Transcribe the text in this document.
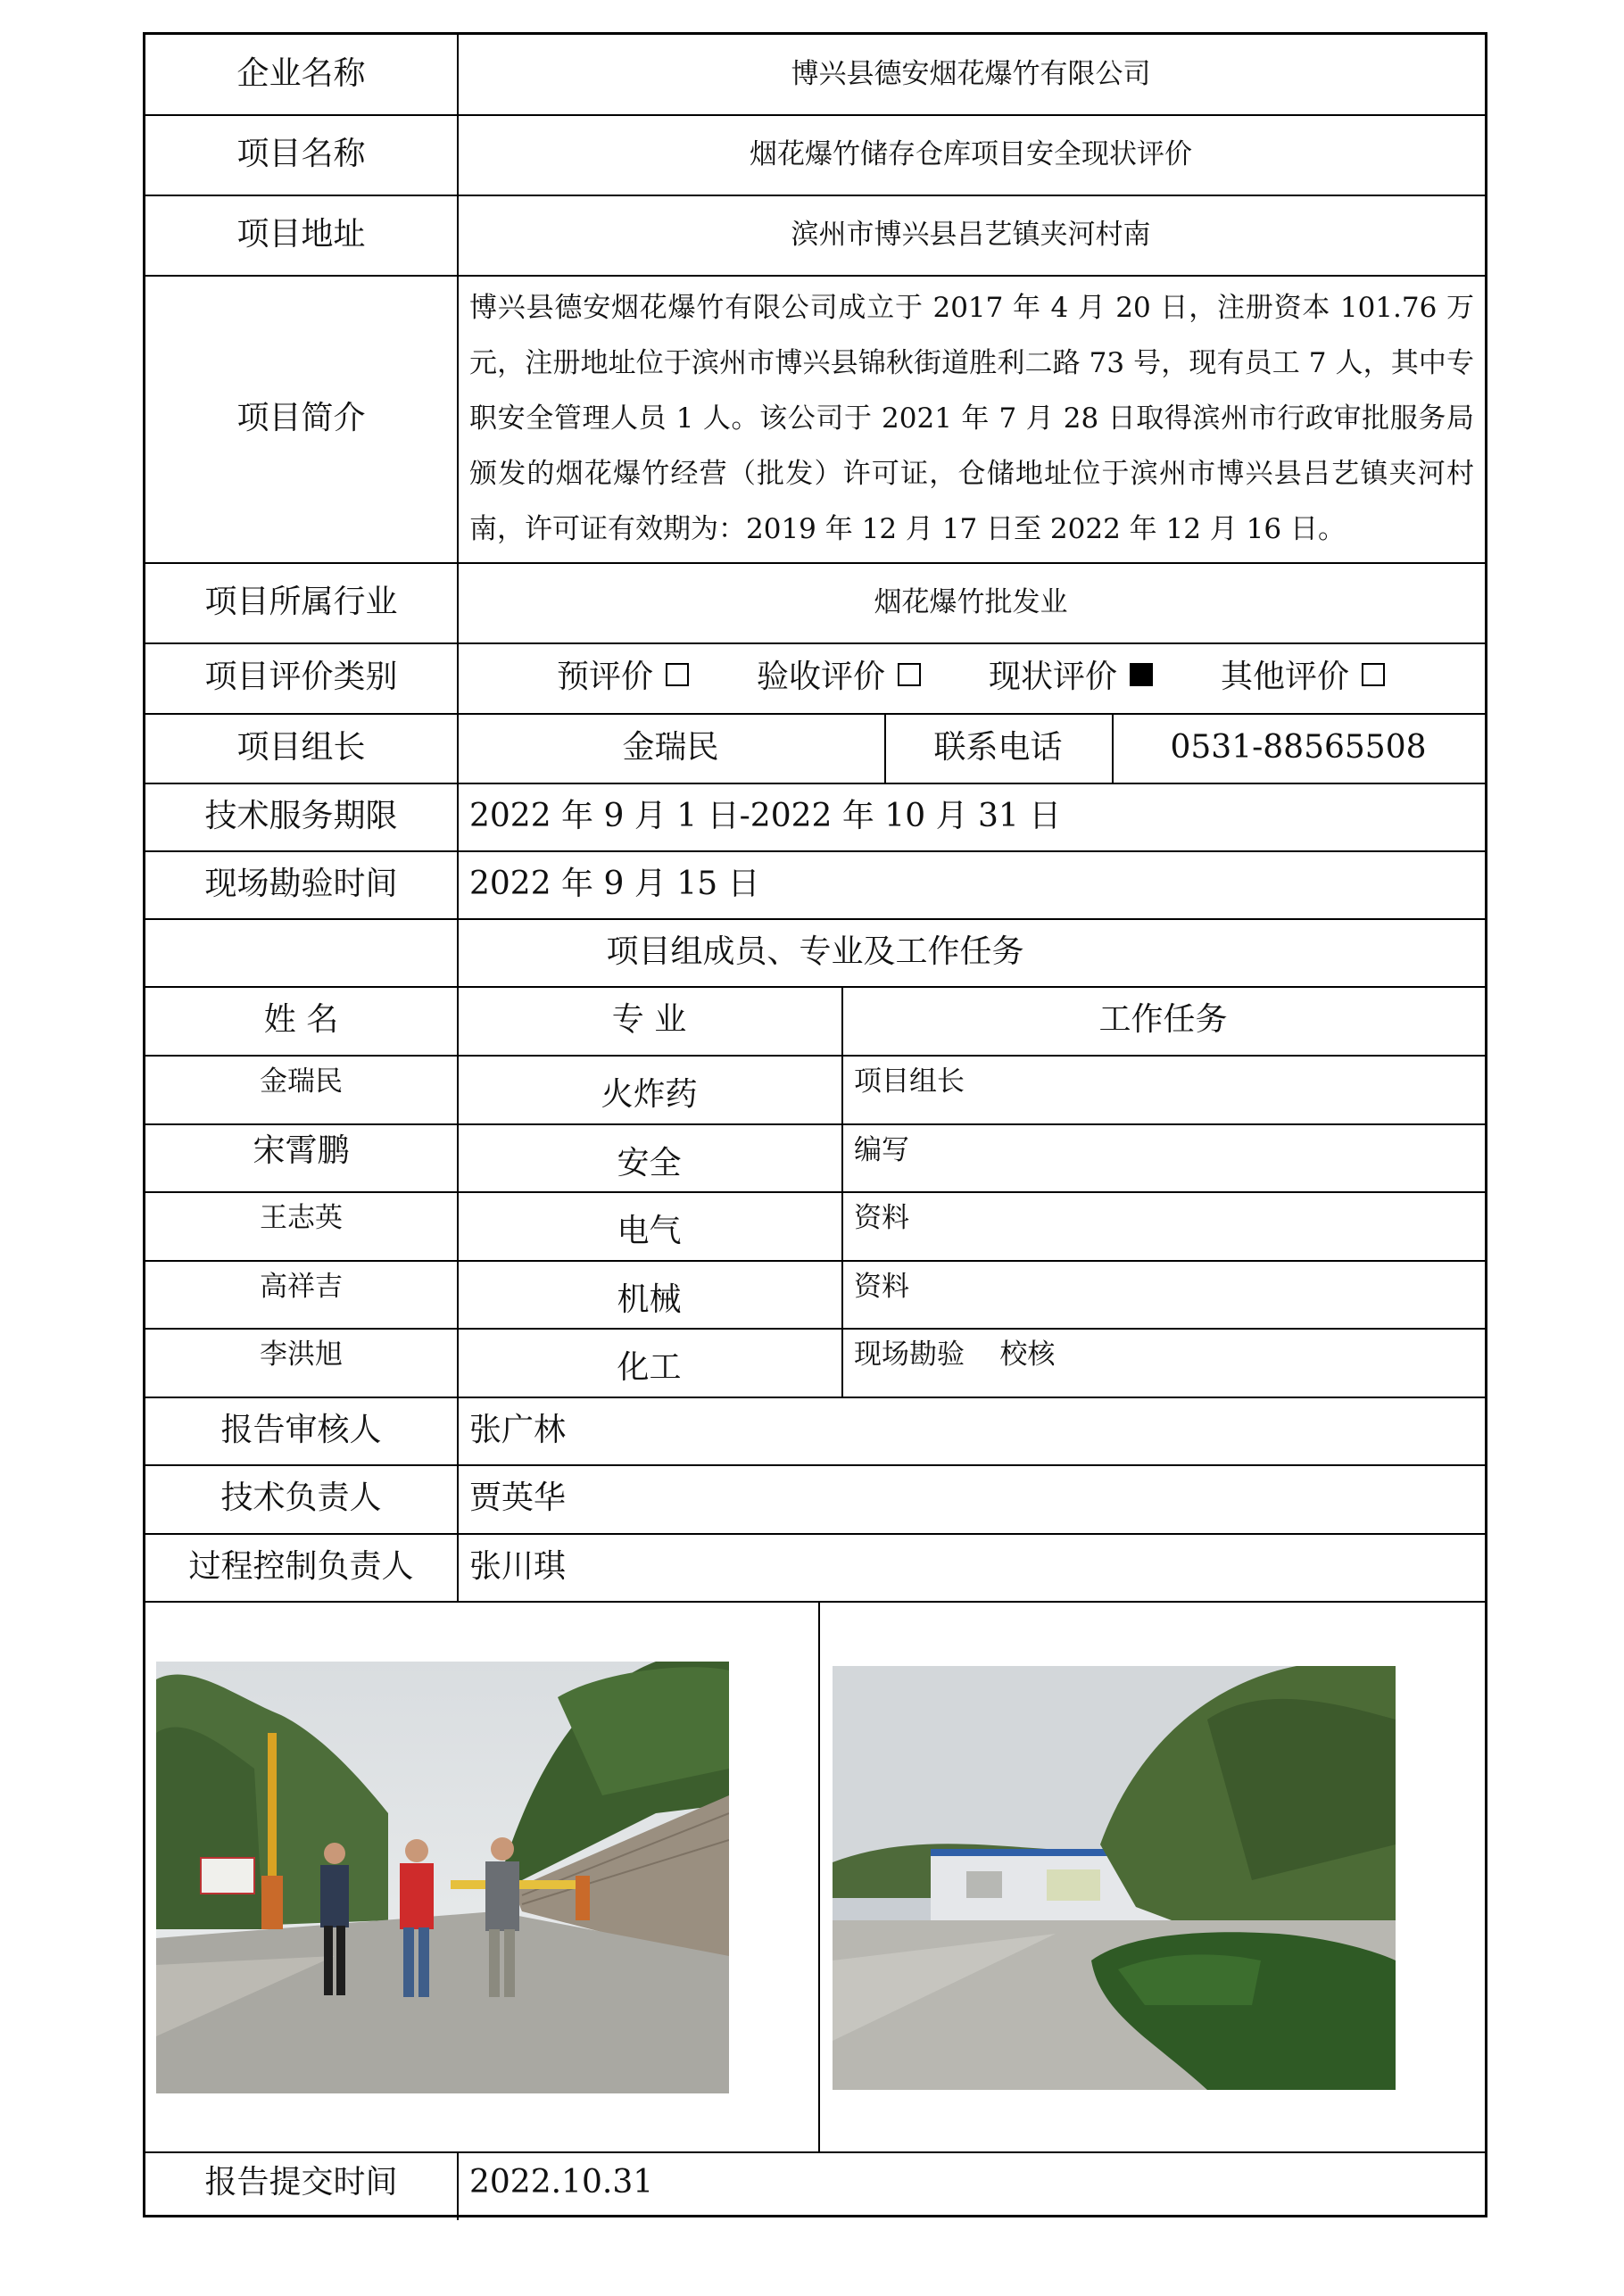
企业名称	博兴县德安烟花爆竹有限公司
项目名称	烟花爆竹储存仓库项目安全现状评价
项目地址	滨州市博兴县吕艺镇夹河村南
项目简介
博兴县德安烟花爆竹有限公司成立于 2017 年 4 月 20 日，注册资本 101.76 万元，注册地址位于滨州市博兴县锦秋街道胜利二路 73 号，现有员工 7 人，其中专职安全管理人员 1 人。该公司于 2021 年 7 月 28 日取得滨州市行政审批服务局颁发的烟花爆竹经营（批发）许可证，仓储地址位于滨州市博兴县吕艺镇夹河村南，许可证有效期为：2019 年 12 月 17 日至 2022 年 12 月 16 日。
项目所属行业	烟花爆竹批发业
项目评价类别	预评价	验收评价	现状评价	其他评价
项目组长	金瑞民	联系电话	0531-88565508
技术服务期限	2022 年 9 月 1 日-2022 年 10 月 31 日
现场勘验时间	2022 年 9 月 15 日
项目组成员、专业及工作任务
姓 名	专 业	工作任务
金瑞民	火炸药	项目组长
宋霄鹏	安全	编写
王志英	电气	资料
高祥吉	机械	资料
李洪旭	化工	现场勘验    校核
报告审核人	张广林
技术负责人	贾英华
过程控制负责人	张川琪
报告提交时间	2022.10.31
